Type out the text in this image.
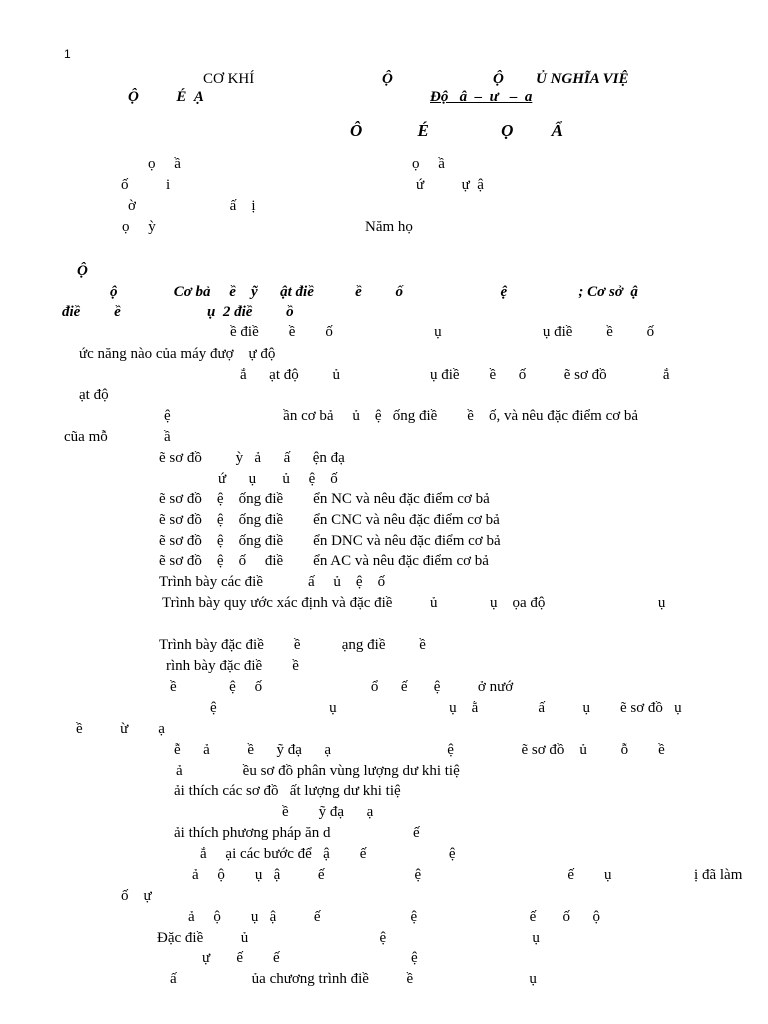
1
CƠ KHÍ	Ộ	Ộ Ủ NGHĨA VIỆ
Ộ          É  Ạ	Độ   â  –  ư   –  a
Ô             É                 Ọ         Ẩ
ọ     ầ	ọ     ầ
ố          i	ứ          ự  ậ
ờ                         ấ    ị
ọ     ỳ	Năm họ
Ộ
ộ               Cơ bả     ề    ỹ      ật điề           ề         ố                          ệ                   ; Cơ sở  ậ
điề         ề                       ụ  2 điề         ồ
ề điề        ề        ố                           ụ                           ụ điề         ề         ố
ức năng nào của máy đượ    ự độ
ắ      ạt độ         ủ                        ụ điề        ề      ố          ẽ sơ đồ               ắ
ạt độ
ệ                              ần cơ bả     ủ    ệ   ống điề        ề    ố, và nêu đặc điểm cơ bả
cũa mỗ               ầ
ẽ sơ đồ         ỳ   ả      ấ      ện đạ
ứ      ụ       ủ     ệ    ố
ẽ sơ đồ    ệ    ống điề        ển NC và nêu đặc điểm cơ bả
ẽ sơ đồ    ệ    ống điề        ển CNC và nêu đặc điểm cơ bả
ẽ sơ đồ    ệ    ống điề        ển DNC và nêu đặc điểm cơ bả
ẽ sơ đồ    ệ    ố     điề        ển AC và nêu đặc điểm cơ bả
Trình bày các điề            ấ     ủ    ệ    ố
Trình bày quy ước xác định và đặc điề          ủ              ụ    ọa độ                              ụ
Trình bày đặc điề        ề           ạng điề         ề
rình bày đặc điề        ề
ề              ệ     ố                             ổ      ế       ệ          ở nướ
ệ                              ụ                              ụ    ằ                ấ          ụ        ẽ sơ đồ   ụ
ề          ừ        ạ
ễ      ả          ề      ỹ đạ      ạ                               ệ                  ẽ sơ đồ    ủ         ỗ        ề
ả                ều sơ đồ phân vùng lượng dư khi tiệ
ải thích các sơ đồ   ất lượng dư khi tiệ
ề        ỹ đạ      ạ
ải thích phương pháp ăn d                      ế
ắ     ại các bước để   ậ        ế                      ệ
ả     ộ        ụ   ậ          ế                        ệ                                       ế        ụ                      ị đã làm
ố    ự
ả     ộ        ụ   ậ          ế                        ệ                              ế       ố      ộ
Đặc điề          ủ                                   ệ                                       ụ
ự       ế        ế                                   ệ
ấ                    ủa chương trình điề          ề                               ụ
